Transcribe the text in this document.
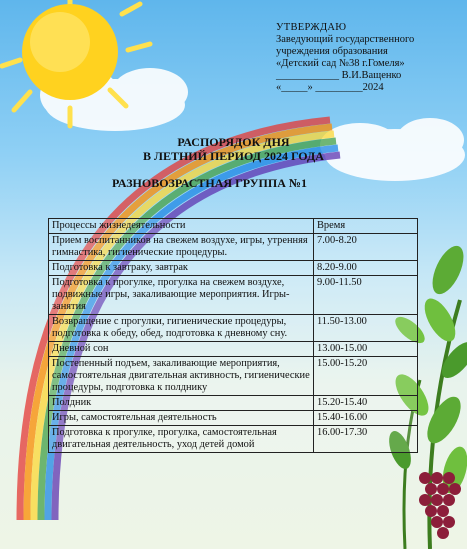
УТВЕРЖДАЮ
Заведующий государственного
учреждения образования
«Детский сад №38 г.Гомеля»
____________ В.И.Ващенко
«_____» _________2024
РАСПОРЯДОК ДНЯ
В ЛЕТНИЙ ПЕРИОД 2024 ГОДА
РАЗНОВОЗРАСТНАЯ ГРУППА №1
Процессы жизнедеятельности	Время
Прием воспитанников на свежем воздухе, игры, утренняя гимнастика, гигиенические процедуры.	7.00-8.20
Подготовка к завтраку, завтрак	8.20-9.00
Подготовка к прогулке, прогулка на свежем воздухе, подвижные игры, закаливающие мероприятия. Игры-занятия	9.00-11.50
Возвращение с прогулки, гигиенические процедуры, подготовка к обеду, обед, подготовка к дневному сну.	11.50-13.00
Дневной сон	13.00-15.00
Постепенный подъем, закаливающие мероприятия, самостоятельная двигательная активность, гигиенические процедуры, подготовка к полднику	15.00-15.20
Полдник	15.20-15.40
Игры, самостоятельная деятельность	15.40-16.00
Подготовка к прогулке, прогулка, самостоятельная двигательная деятельность, уход детей домой	16.00-17.30
